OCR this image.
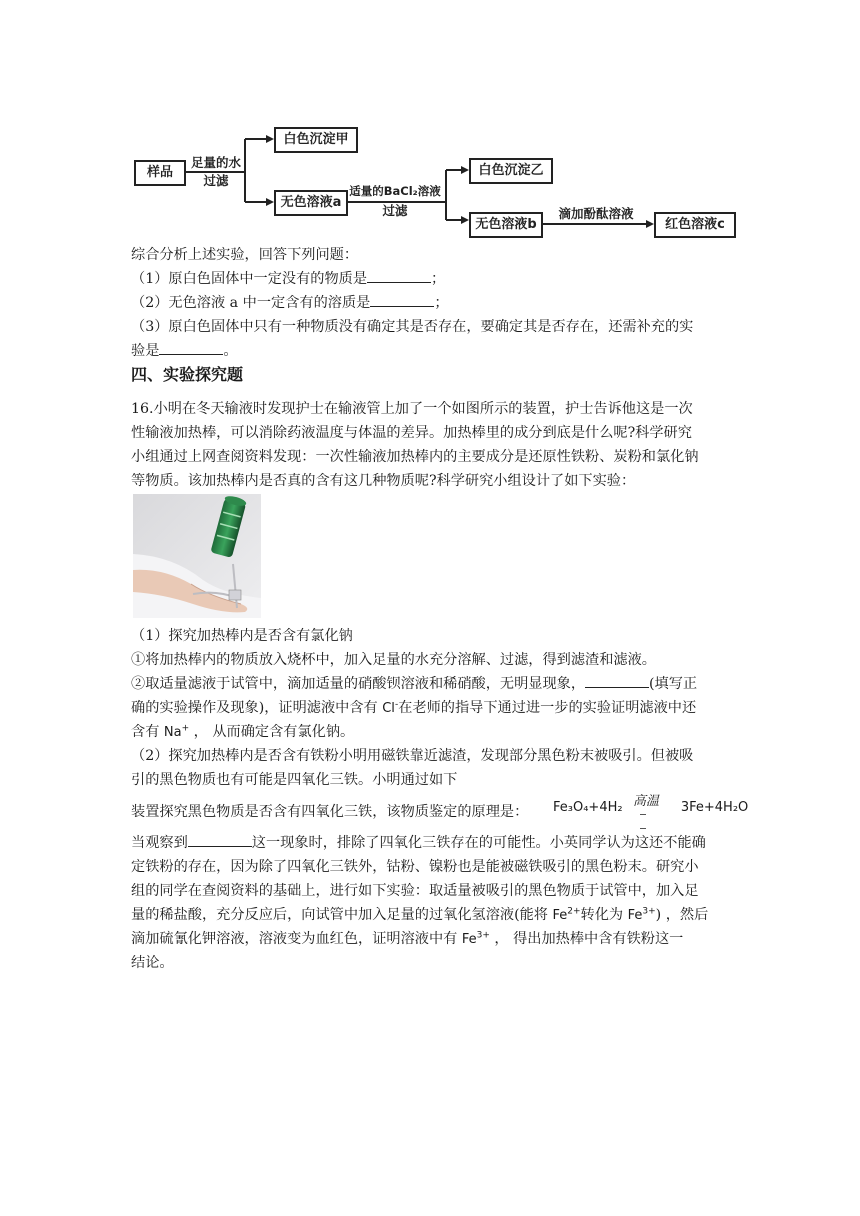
样品
足量的水
过滤
白色沉淀甲
无色溶液a
适量的BaCl₂溶液
过滤
白色沉淀乙
无色溶液b
滴加酚酞溶液
红色溶液c
综合分析上述实验，回答下列问题：
（1）原白色固体中一定没有的物质是	；
（2）无色溶液 a 中一定含有的溶质是	；
（3）原白色固体中只有一种物质没有确定其是否存在，要确定其是否存在，还需补充的实
验是	。
四、实验探究题
16.小明在冬天输液时发现护士在输液管上加了一个如图所示的装置，护士告诉他这是一次
性输液加热棒，可以消除药液温度与体温的差异。加热棒里的成分到底是什么呢?科学研究
小组通过上网查阅资料发现：一次性输液加热棒内的主要成分是还原性铁粉、炭粉和氯化钠
等物质。该加热棒内是否真的含有这几种物质呢?科学研究小组设计了如下实验：
（1）探究加热棒内是否含有氯化钠
①将加热棒内的物质放入烧杯中，加入足量的水充分溶解、过滤，得到滤渣和滤液。
②取适量滤液于试管中，滴加适量的硝酸钡溶液和稀硝酸，无明显现象，	(填写正
确的实验操作及现象)，证明滤液中含有 Cl-在老师的指导下通过进一步的实验证明滤液中还
含有 Na+ ， 从而确定含有氯化钠。
（2）探究加热棒内是否含有铁粉小明用磁铁靠近滤渣，发现部分黑色粉末被吸引。但被吸
引的黑色物质也有可能是四氧化三铁。小明通过如下
装置探究黑色物质是否含有四氧化三铁，该物质鉴定的原理是： Fe₃O₄+4H₂	3Fe+4H₂O
高温
当观察到	这一现象时，排除了四氧化三铁存在的可能性。小英同学认为这还不能确
定铁粉的存在，因为除了四氧化三铁外，钴粉、镍粉也是能被磁铁吸引的黑色粉末。研究小
组的同学在查阅资料的基础上，进行如下实验：取适量被吸引的黑色物质于试管中，加入足
量的稀盐酸，充分反应后，向试管中加入足量的过氧化氢溶液(能将 $Fe^{2+}$转化为 $Fe^{3+}$) ，然后
滴加硫氰化钾溶液，溶液变为血红色，证明溶液中有 $Fe^{3+}$ ， 得出加热棒中含有铁粉这一
结论。
